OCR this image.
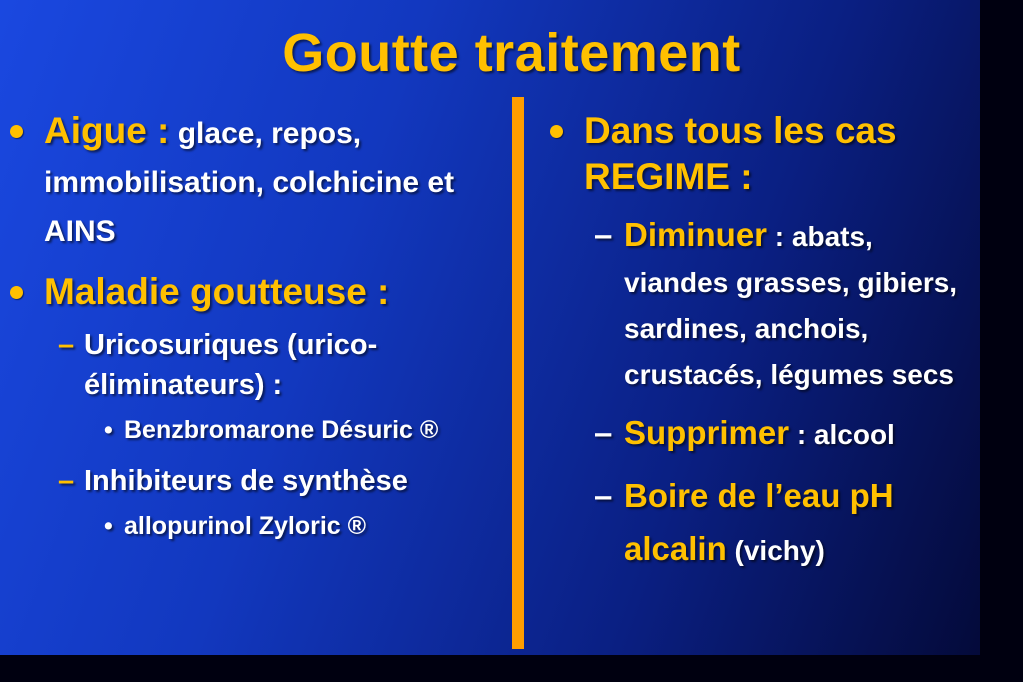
Goutte traitement
Aigue : glace, repos, immobilisation, colchicine et AINS
Maladie goutteuse :
– Uricosuriques (urico-éliminateurs) :
• Benzbromarone Désuric ®
– Inhibiteurs de synthèse
• allopurinol Zyloric ®
Dans tous les cas REGIME :
– Diminuer : abats, viandes grasses, gibiers, sardines, anchois, crustacés, légumes secs
– Supprimer : alcool
– Boire de l’eau pH alcalin (vichy)
